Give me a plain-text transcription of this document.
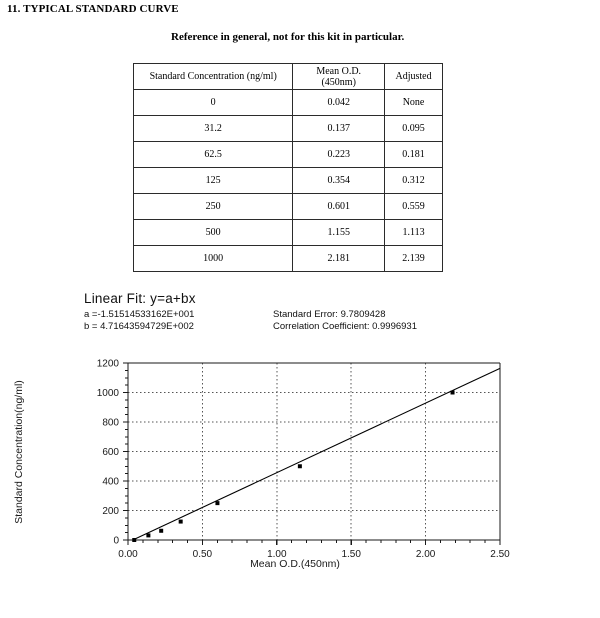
11. TYPICAL STANDARD CURVE
Reference in general, not for this kit in particular.
Standard Concentration (ng/ml)	Mean O.D.(450nm)	Adjusted
0	0.042	None
31.2	0.137	0.095
62.5	0.223	0.181
125	0.354	0.312
250	0.601	0.559
500	1.155	1.113
1000	2.181	2.139
Linear Fit: y=a+bx
a =-1.51514533162E+001	Standard Error: 9.7809428
b = 4.71643594729E+002	Correlation Coefficient: 0.9996931
0.00	0.50	1.00	1.50	2.00	2.50
0
200
400
600
800
1000
1200
Mean O.D.(450nm)
Standard Concentration(ng/ml)
